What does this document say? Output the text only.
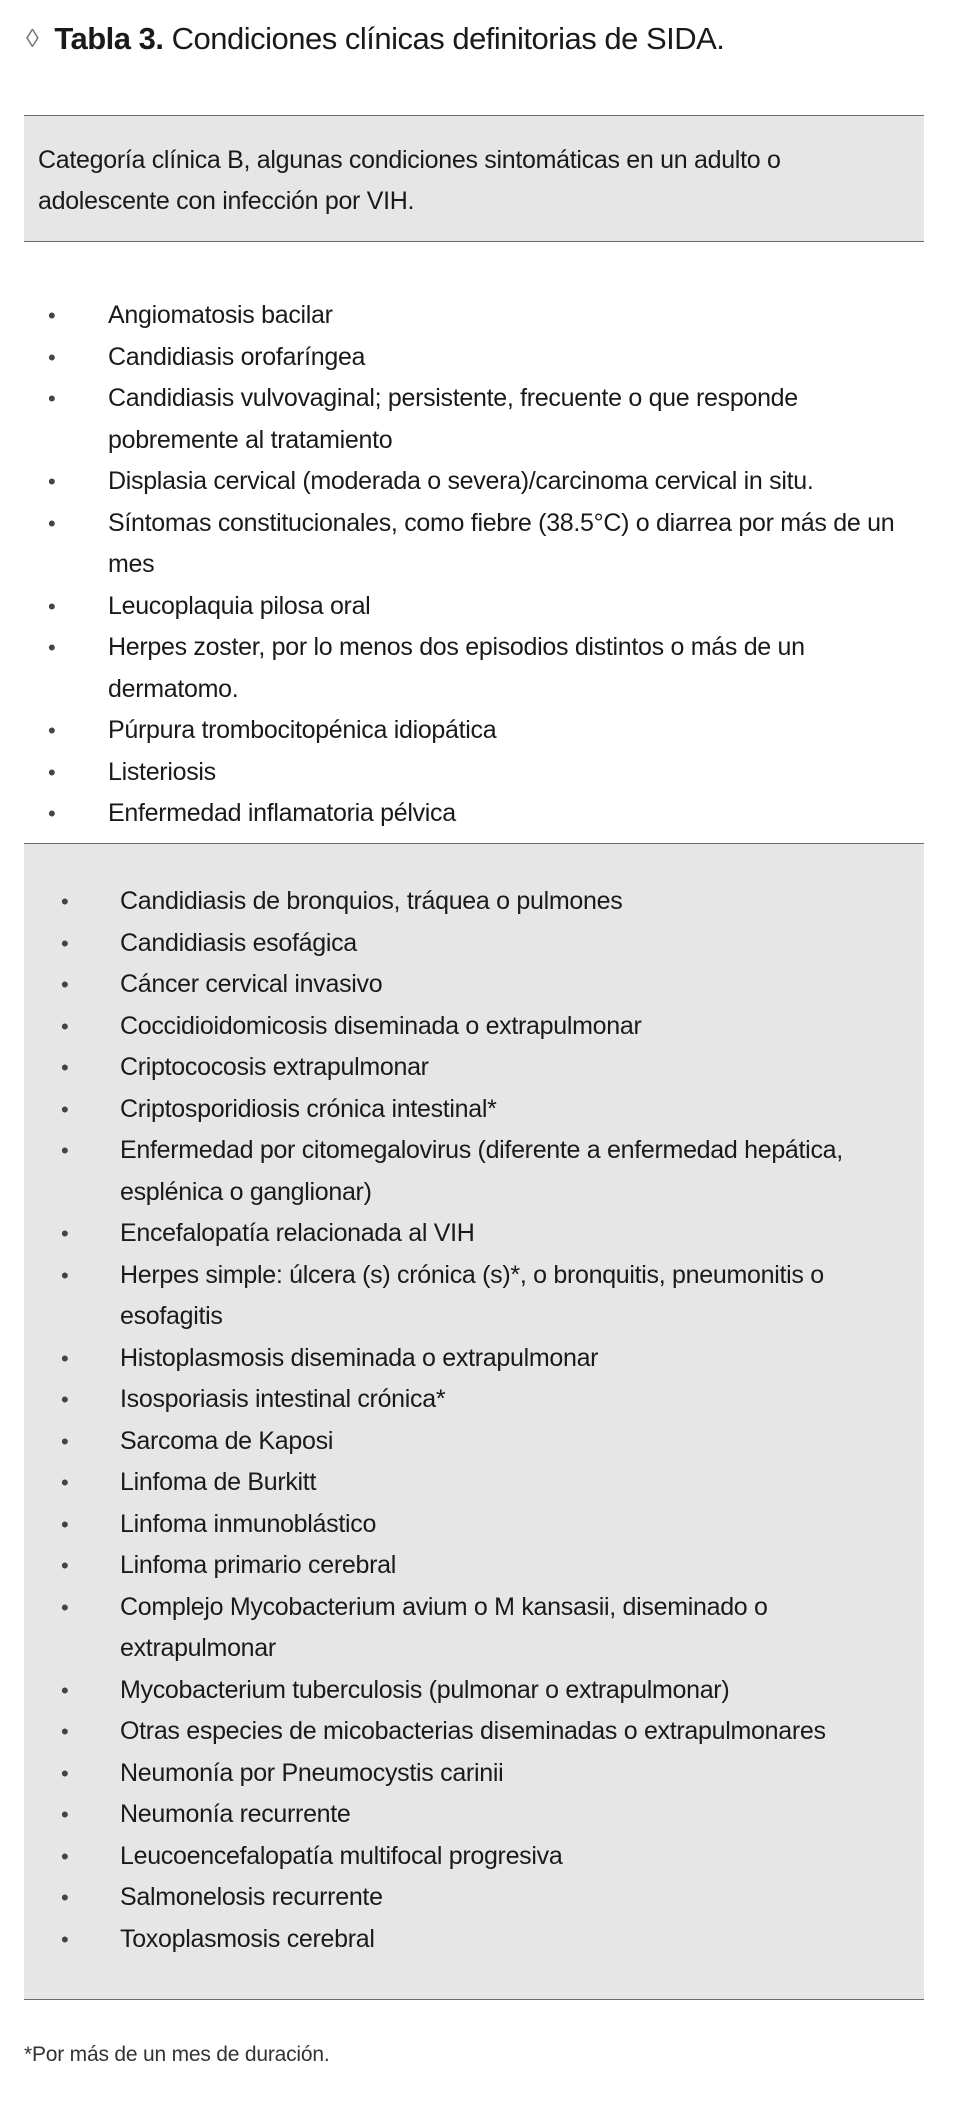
◊ Tabla 3. Condiciones clínicas definitorias de SIDA.
Categoría clínica B, algunas condiciones sintomáticas en un adulto o adolescente con infección por VIH.
• Angiomatosis bacilar
• Candidiasis orofaríngea
• Candidiasis vulvovaginal; persistente, frecuente o que responde pobremente al tratamiento
• Displasia cervical (moderada o severa)/carcinoma cervical in situ.
• Síntomas constitucionales, como fiebre (38.5°C) o diarrea por más de un mes
• Leucoplaquia pilosa oral
• Herpes zoster, por lo menos dos episodios distintos o más de un dermatomo.
• Púrpura trombocitopénica idiopática
• Listeriosis
• Enfermedad inflamatoria pélvica
• Candidiasis de bronquios, tráquea o pulmones
• Candidiasis esofágica
• Cáncer cervical invasivo
• Coccidioidomicosis diseminada o extrapulmonar
• Criptococosis extrapulmonar
• Criptosporidiosis crónica intestinal*
• Enfermedad por citomegalovirus (diferente a enfermedad hepática, esplénica o ganglionar)
• Encefalopatía relacionada al VIH
• Herpes simple: úlcera (s) crónica (s)*, o bronquitis, pneumonitis o esofagitis
• Histoplasmosis diseminada o extrapulmonar
• Isosporiasis intestinal crónica*
• Sarcoma de Kaposi
• Linfoma de Burkitt
• Linfoma inmunoblástico
• Linfoma primario cerebral
• Complejo Mycobacterium avium o M kansasii, diseminado o extrapulmonar
• Mycobacterium tuberculosis (pulmonar o extrapulmonar)
• Otras especies de micobacterias diseminadas o extrapulmonares
• Neumonía por Pneumocystis carinii
• Neumonía recurrente
• Leucoencefalopatía multifocal progresiva
• Salmonelosis recurrente
• Toxoplasmosis cerebral
*Por más de un mes de duración.
